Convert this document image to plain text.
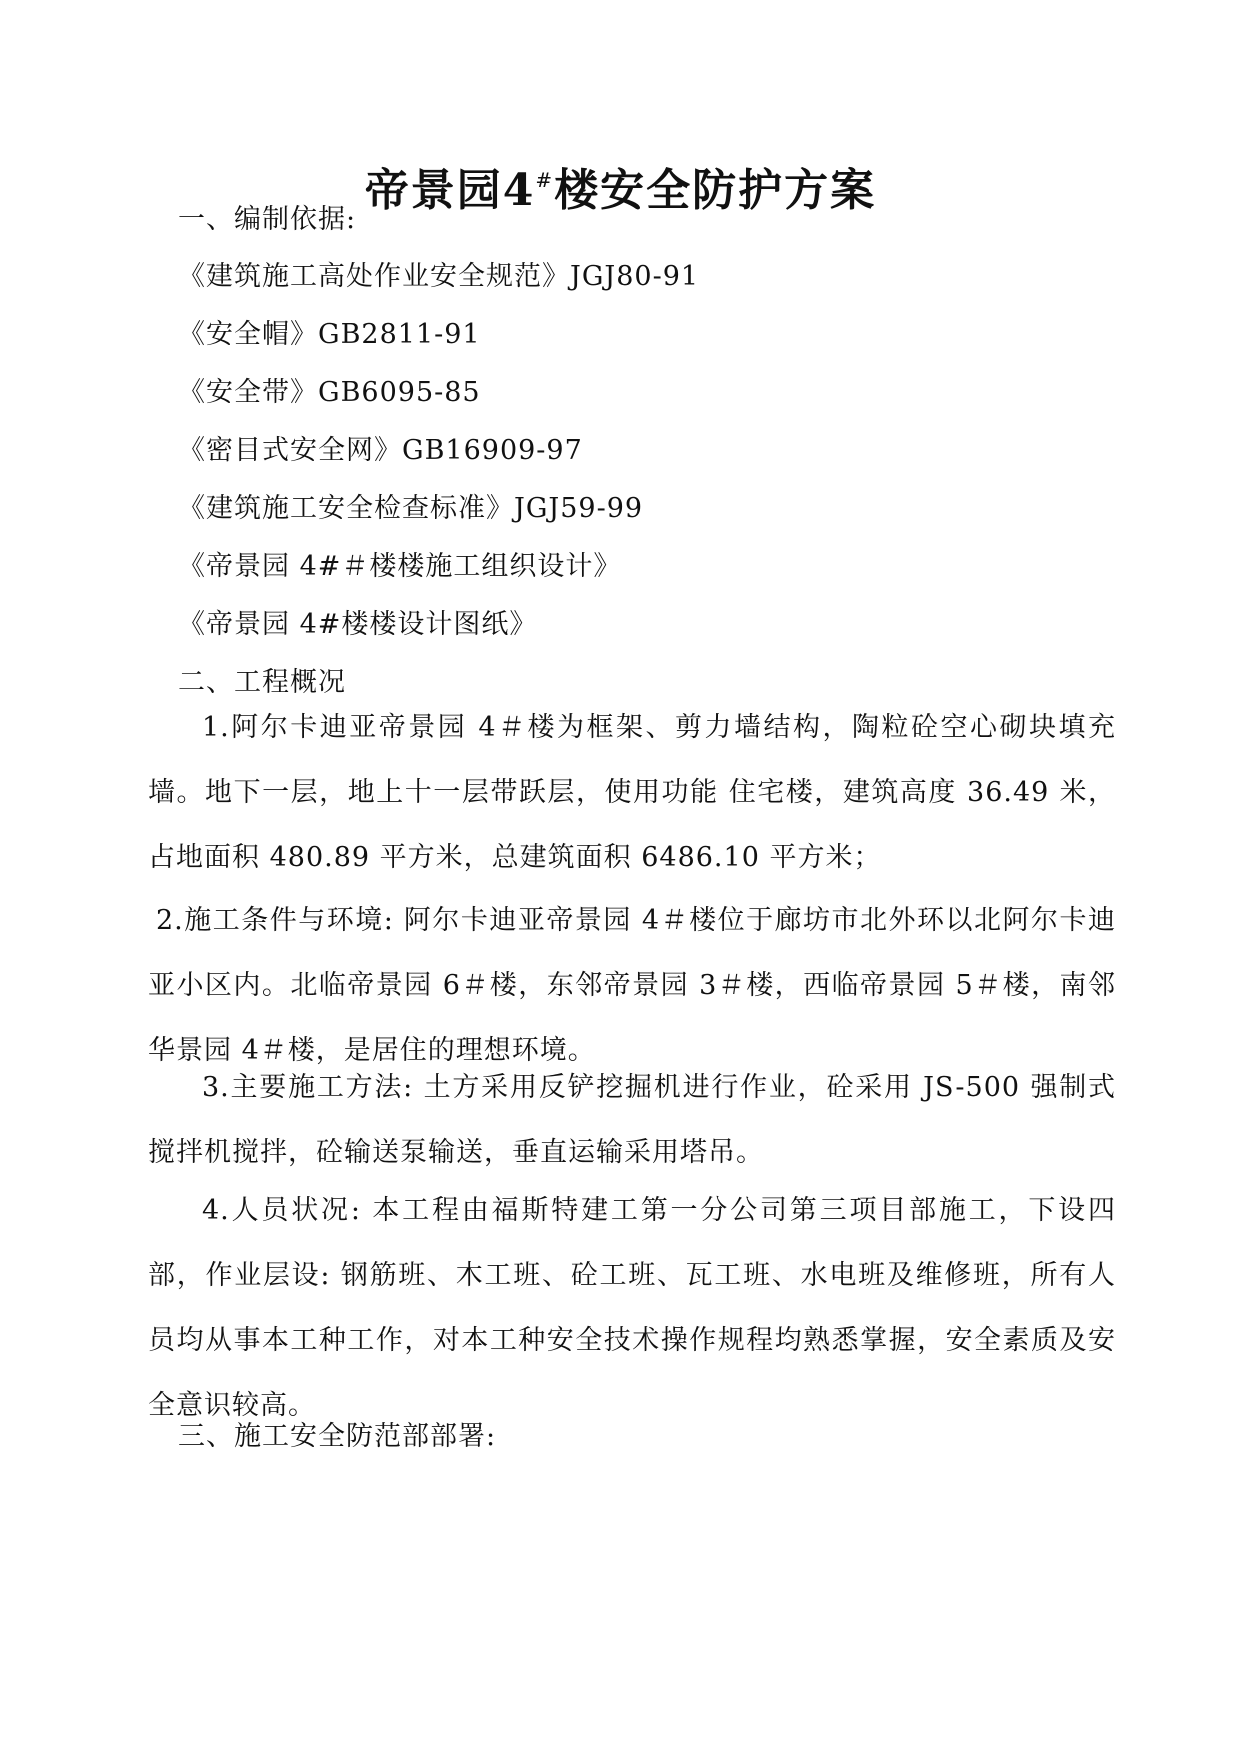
帝景园4#楼安全防护方案
一、编制依据:
《建筑施工高处作业安全规范》JGJ80-91
《安全帽》GB2811-91
《安全带》GB6095-85
《密目式安全网》GB16909-97
《建筑施工安全检查标准》JGJ59-99
《帝景园 4#＃楼楼施工组织设计》
《帝景园 4#楼楼设计图纸》
二、工程概况
1.阿尔卡迪亚帝景园 4＃楼为框架、剪力墙结构，陶粒砼空心砌块填充墙。地下一层，地上十一层带跃层，使用功能 住宅楼，建筑高度 36.49 米，占地面积 480.89 平方米，总建筑面积 6486.10 平方米；
2.施工条件与环境: 阿尔卡迪亚帝景园 4＃楼位于廊坊市北外环以北阿尔卡迪亚小区内。北临帝景园 6＃楼，东邻帝景园 3＃楼，西临帝景园 5＃楼，南邻华景园 4＃楼，是居住的理想环境。
3.主要施工方法: 土方采用反铲挖掘机进行作业，砼采用 JS-500 强制式搅拌机搅拌，砼输送泵输送，垂直运输采用塔吊。
4.人员状况: 本工程由福斯特建工第一分公司第三项目部施工，下设四部，作业层设: 钢筋班、木工班、砼工班、瓦工班、水电班及维修班，所有人员均从事本工种工作，对本工种安全技术操作规程均熟悉掌握，安全素质及安全意识较高。
三、施工安全防范部部署:
